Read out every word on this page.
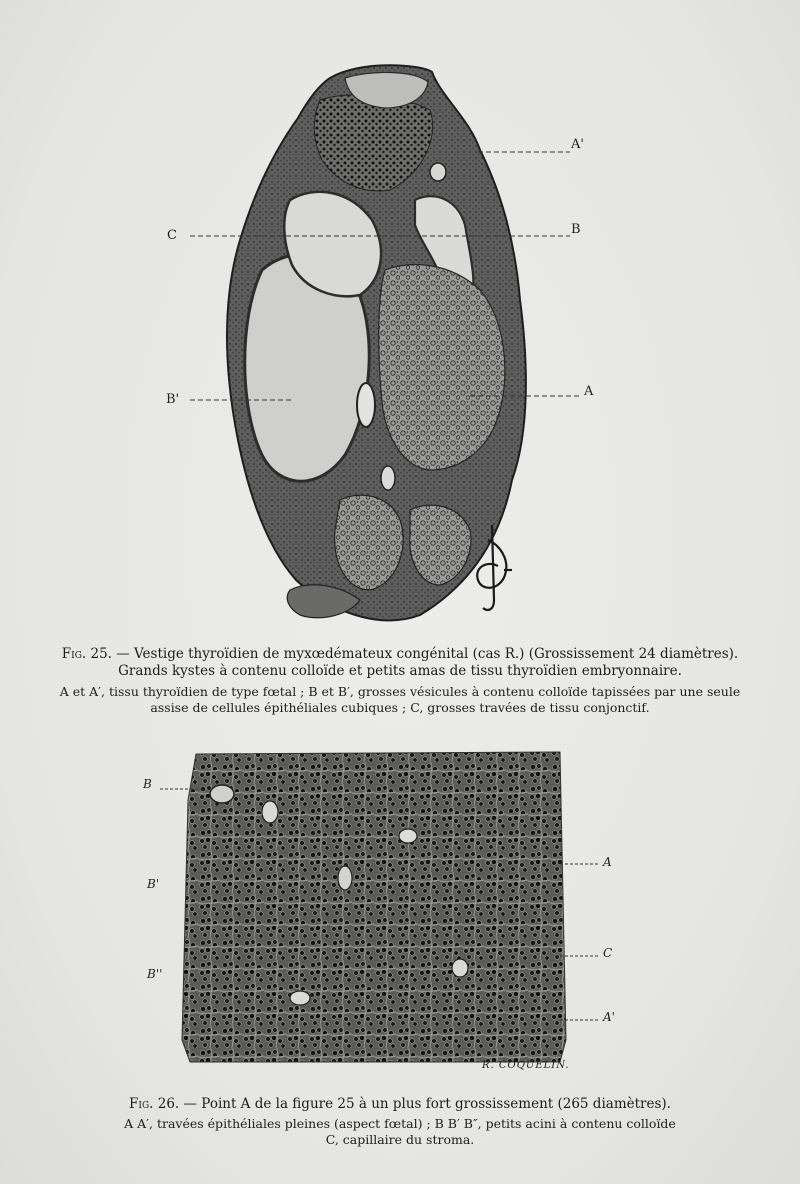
A'
B
C
B'
A
Fig. 25. — Vestige thyroïdien de myxœdémateux congénital (cas R.) (Grossissement 24 diamètres).
Grands kystes à contenu colloïde et petits amas de tissu thyroïdien embryonnaire.
A et A′, tissu thyroïdien de type fœtal ; B et B′, grosses vésicules à contenu colloïde tapissées par une seule
assise de cellules épithéliales cubiques ; C, grosses travées de tissu conjonctif.
B
B'
B''
A
C
A'
R. COQUELIN.
Fig. 26. — Point A de la figure 25 à un plus fort grossissement (265 diamètres).
A A′, travées épithéliales pleines (aspect fœtal) ; B B′ B″, petits acini à contenu colloïde
C, capillaire du stroma.
